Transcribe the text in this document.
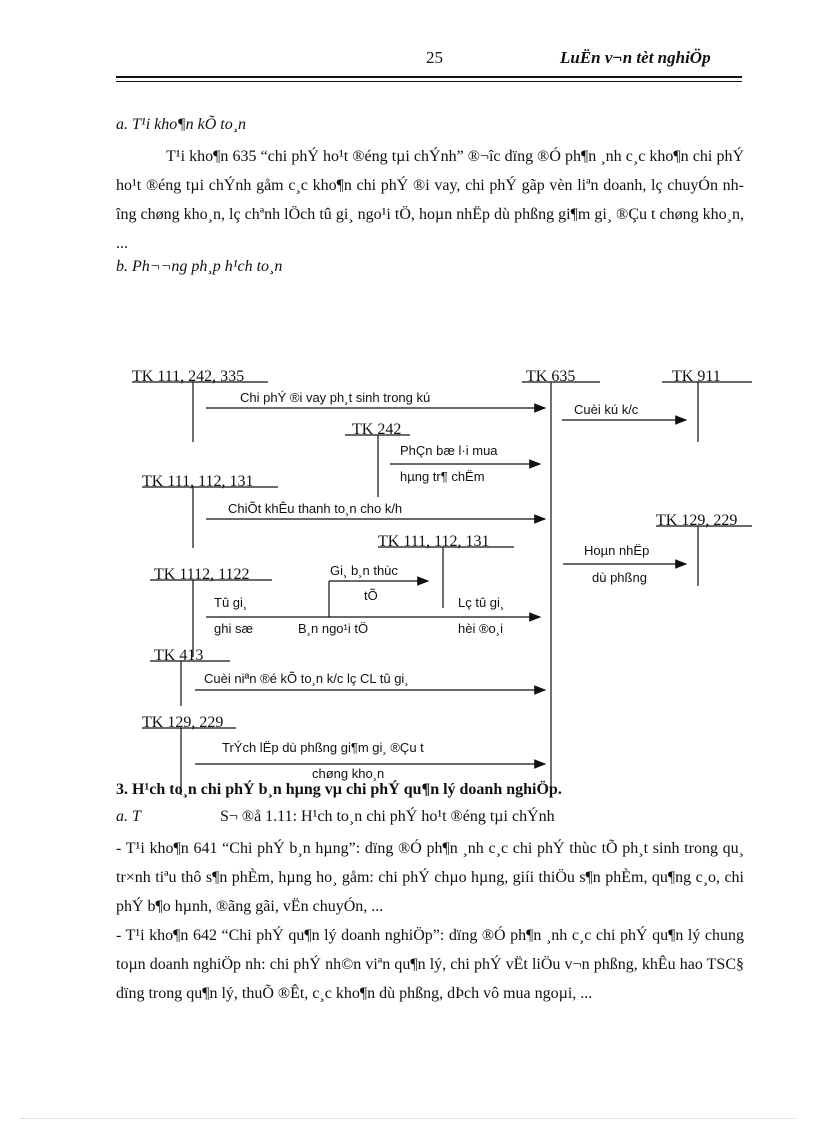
25	LuËn v¬n tèt nghiÖp
a. T¹i kho¶n kÕ to¸n
T¹i kho¶n 635 “chi phÝ ho¹t ®éng tµi chÝnh” ®¬îc dïng ®Ó ph¶n ¸nh c¸c kho¶n chi phÝ ho¹t ®éng tµi chÝnh gåm c¸c kho¶n chi phÝ ®i vay, chi phÝ gãp vèn liªn doanh, lç chuyÓn nhîng chøng kho¸n, lç chªnh lÖch tû gi¸ ngo¹i tÖ, hoµn nhËp dù phßng gi¶m gi¸ ®Çu t chøng kho¸n, ...
b. Ph¬¬ng ph¸p h¹ch to¸n
TK 111, 242, 335	TK 635	TK 911
TK 242
TK 111, 112, 131
TK 129, 229
TK 111, 112, 131
TK 1112, 1122
TK 413
TK 129, 229
Chi phÝ ®i vay ph¸t sinh trong kú
Cuèi kú k/c
PhÇn bæ l·i mua
hµng tr¶ chËm
ChiÕt khÊu thanh to¸n cho k/h
Hoµn nhËp
dù phßng
Gi¸ b¸n thùc
tÕ
Tû gi¸
ghi sæ	B¸n ngo¹i tÖ
Lç tû gi¸
hèi ®o¸i
Cuèi niªn ®é kÕ to¸n k/c lç CL tû gi¸
TrÝch lËp dù phßng gi¶m gi¸ ®Çu t
chøng kho¸n
3. H¹ch to¸n chi phÝ b¸n hµng vµ chi phÝ qu¶n lý doanh nghiÖp.
a. T	S¬ ®å 1.11: H¹ch to¸n chi phÝ ho¹t ®éng tµi chÝnh
- T¹i kho¶n 641 “Chi phÝ b¸n hµng”: dïng ®Ó ph¶n ¸nh c¸c chi phÝ thùc tÕ ph¸t sinh trong qu¸ tr×nh tiªu thô s¶n phÈm, hµng ho¸ gåm: chi phÝ chµo hµng, giíi thiÖu s¶n phÈm, qu¶ng c¸o, chi phÝ b¶o hµnh, ®ãng gãi, vËn chuyÓn, ...
- T¹i kho¶n 642 “Chi phÝ qu¶n lý doanh nghiÖp”: dïng ®Ó ph¶n ¸nh c¸c chi phÝ qu¶n lý chung toµn doanh nghiÖp nh: chi phÝ nh©n viªn qu¶n lý, chi phÝ vËt liÖu v¬n phßng, khÊu hao TSC§ dïng trong qu¶n lý, thuÕ ®Êt, c¸c kho¶n dù phßng, dÞch vô mua ngoµi, ...
